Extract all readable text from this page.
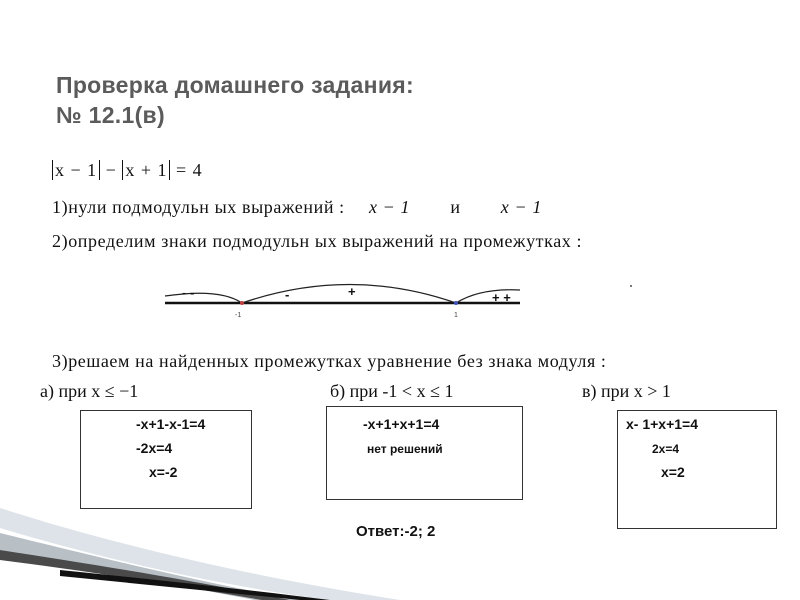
Проверка домашнего задания:
№ 12.1(в)
x − 1 − x + 1 = 4
1)нули подмодульн ых выражений : x − 1 и x − 1
2)определим знаки подмодульн ых выражений на промежутках :
- -	-	+	+ +
-1	1
3)решаем на найденных промежутках уравнение без знака модуля :
а) при x ≤ −1	б) при -1 < x ≤ 1	в) при x > 1
-x+1-x-1=4
-2x=4
x=-2
-x+1+x+1=4
нет решений
x- 1+x+1=4
2x=4
x=2
Ответ:-2; 2
